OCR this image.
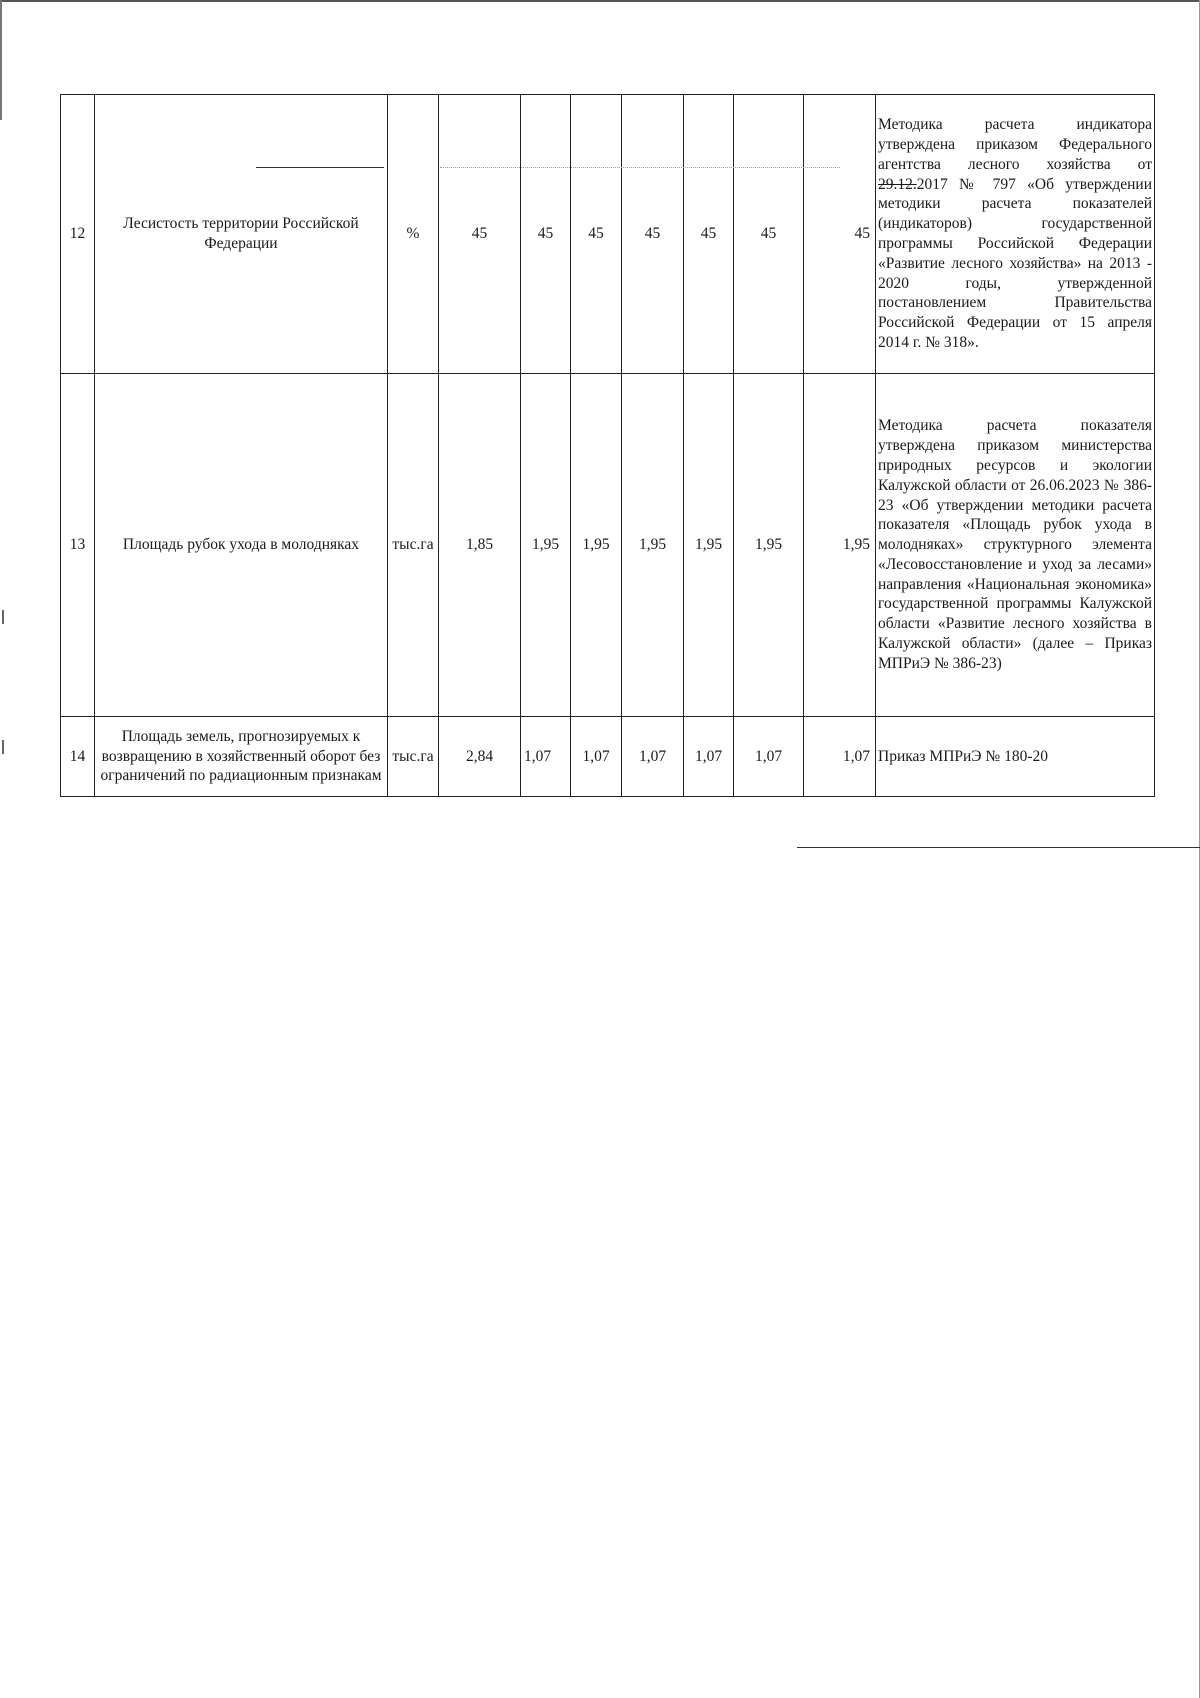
12	Лесистость территории Российской Федерации	%	45	45	45	45	45	45	45	Методика расчета индикатора утверждена приказом Федерального агентства лесного хозяйства от 29.12.2017 № 797 «Об утверждении методики расчета показателей (индикаторов) государственной программы Российской Федерации «Развитие лесного хозяйства» на 2013 - 2020 годы, утвержденной постановлением Правительства Российской Федерации от 15 апреля 2014 г. № 318».
13	Площадь рубок ухода в молодняках	тыс.га	1,85	1,95	1,95	1,95	1,95	1,95	1,95	Методика расчета показателя утверждена приказом министерства природных ресурсов и экологии Калужской области от 26.06.2023 № 386-23 «Об утверждении методики расчета показателя «Площадь рубок ухода в молодняках» структурного элемента «Лесовосстановление и уход за лесами» направления «Национальная экономика» государственной программы Калужской области «Развитие лесного хозяйства в Калужской области» (далее – Приказ МПРиЭ № 386-23)
14	Площадь земель, прогнозируемых к возвращению в хозяйственный оборот без ограничений по радиационным признакам	тыс.га	2,84	1,07	1,07	1,07	1,07	1,07	1,07	Приказ МПРиЭ № 180-20
